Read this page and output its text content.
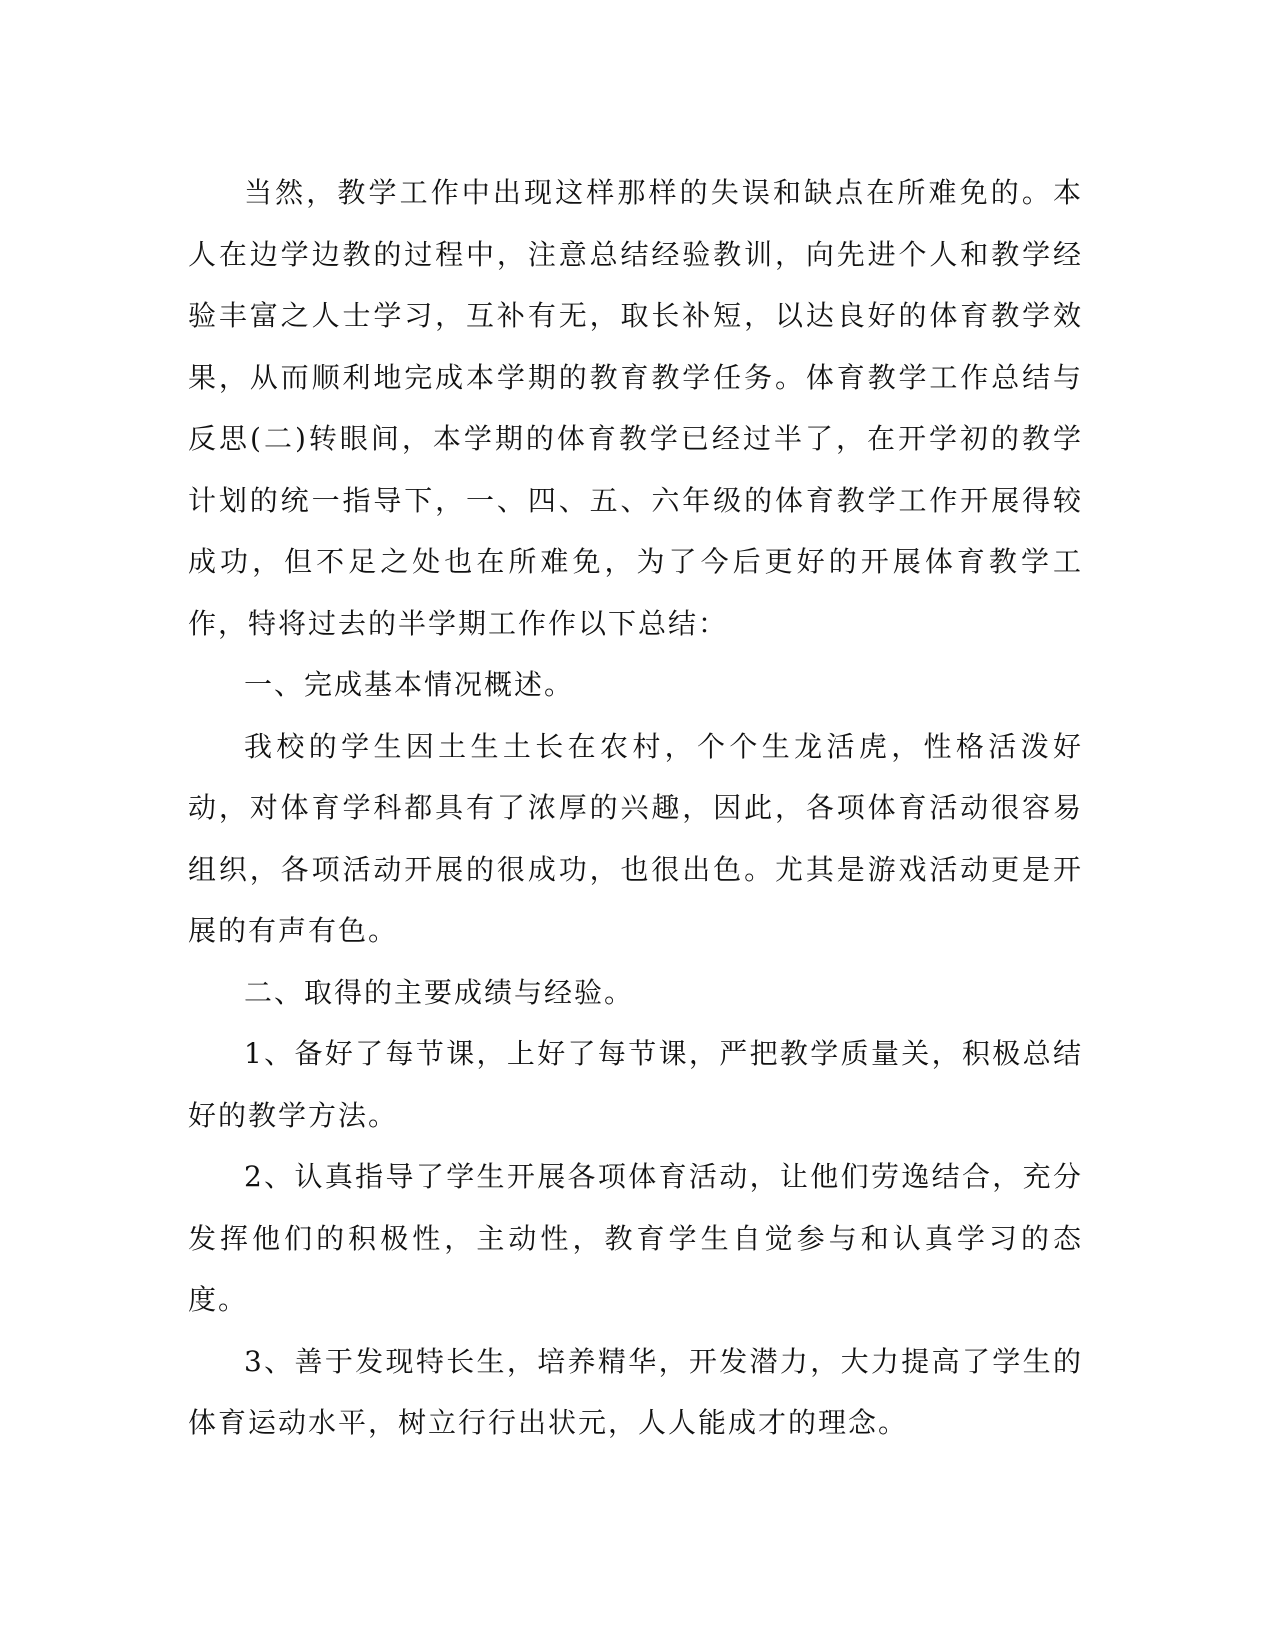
当然，教学工作中出现这样那样的失误和缺点在所难免的。本人在边学边教的过程中，注意总结经验教训，向先进个人和教学经验丰富之人士学习，互补有无，取长补短，以达良好的体育教学效果，从而顺利地完成本学期的教育教学任务。体育教学工作总结与反思(二)转眼间，本学期的体育教学已经过半了，在开学初的教学计划的统一指导下，一、四、五、六年级的体育教学工作开展得较成功，但不足之处也在所难免，为了今后更好的开展体育教学工作，特将过去的半学期工作作以下总结：

一、完成基本情况概述。

我校的学生因土生土长在农村，个个生龙活虎，性格活泼好动，对体育学科都具有了浓厚的兴趣，因此，各项体育活动很容易组织，各项活动开展的很成功，也很出色。尤其是游戏活动更是开展的有声有色。

二、取得的主要成绩与经验。

1、备好了每节课，上好了每节课，严把教学质量关，积极总结好的教学方法。

2、认真指导了学生开展各项体育活动，让他们劳逸结合，充分发挥他们的积极性，主动性，教育学生自觉参与和认真学习的态度。

3、善于发现特长生，培养精华，开发潜力，大力提高了学生的体育运动水平，树立行行出状元，人人能成才的理念。
